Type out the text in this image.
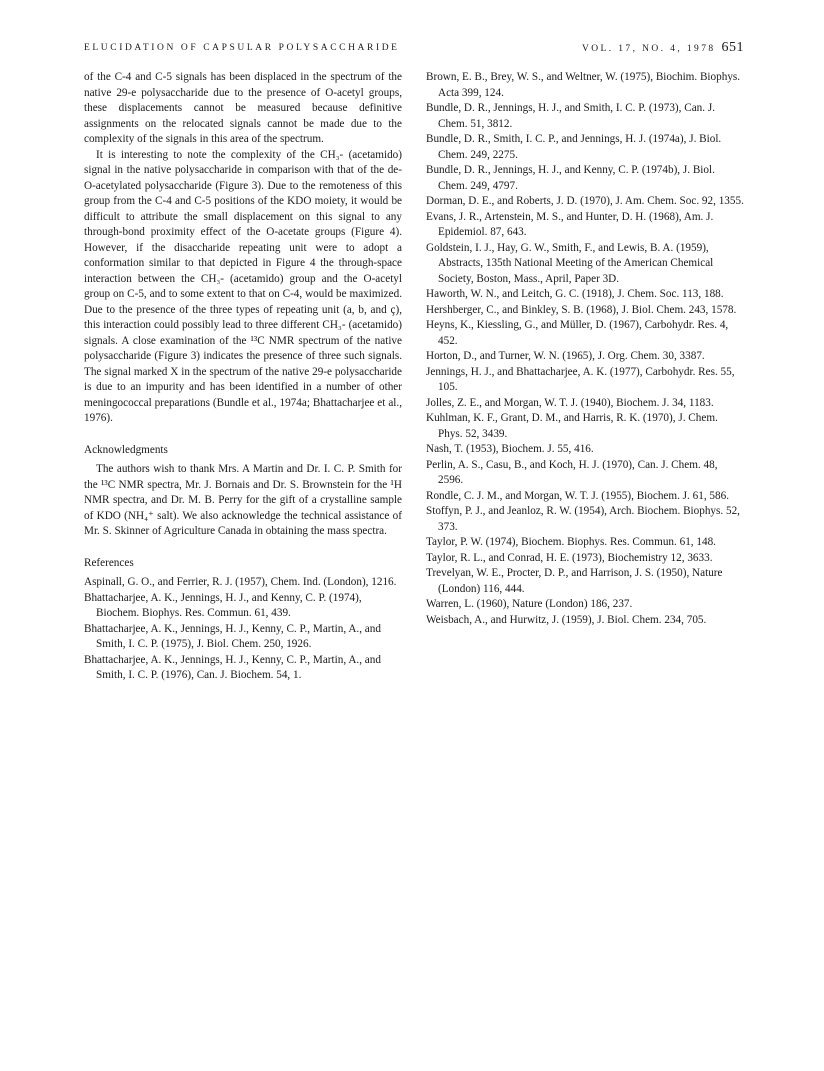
ELUCIDATION OF CAPSULAR POLYSACCHARIDE	VOL. 17, NO. 4, 1978 651

of the C-4 and C-5 signals has been displaced in the spectrum of the native 29-e polysaccharide due to the presence of O-acetyl groups, these displacements cannot be measured because definitive assignments on the relocated signals cannot be made due to the complexity of the signals in this area of the spectrum.

It is interesting to note the complexity of the CH₃- (acetamido) signal in the native polysaccharide in comparison with that of the de-O-acetylated polysaccharide (Figure 3). Due to the remoteness of this group from the C-4 and C-5 positions of the KDO moiety, it would be difficult to attribute the small displacement on this signal to any through-bond proximity effect of the O-acetate groups (Figure 4). However, if the disaccharide repeating unit were to adopt a conformation similar to that depicted in Figure 4 the through-space interaction between the CH₃- (acetamido) group and the O-acetyl group on C-5, and to some extent to that on C-4, would be maximized. Due to the presence of the three types of repeating unit (a, b, and ç), this interaction could possibly lead to three different CH₃- (acetamido) signals. A close examination of the ¹³C NMR spectrum of the native polysaccharide (Figure 3) indicates the presence of three such signals. The signal marked X in the spectrum of the native 29-e polysaccharide is due to an impurity and has been identified in a number of other meningococcal preparations (Bundle et al., 1974a; Bhattacharjee et al., 1976).

Acknowledgments

The authors wish to thank Mrs. A Martin and Dr. I. C. P. Smith for the ¹³C NMR spectra, Mr. J. Bornais and Dr. S. Brownstein for the ¹H NMR spectra, and Dr. M. B. Perry for the gift of a crystalline sample of KDO (NH₄⁺ salt). We also acknowledge the technical assistance of Mr. S. Skinner of Agriculture Canada in obtaining the mass spectra.

References

Aspinall, G. O., and Ferrier, R. J. (1957), Chem. Ind. (London), 1216.

Bhattacharjee, A. K., Jennings, H. J., and Kenny, C. P. (1974), Biochem. Biophys. Res. Commun. 61, 439.

Bhattacharjee, A. K., Jennings, H. J., Kenny, C. P., Martin, A., and Smith, I. C. P. (1975), J. Biol. Chem. 250, 1926.

Bhattacharjee, A. K., Jennings, H. J., Kenny, C. P., Martin, A., and Smith, I. C. P. (1976), Can. J. Biochem. 54, 1.

Brown, E. B., Brey, W. S., and Weltner, W. (1975), Biochim. Biophys. Acta 399, 124.

Bundle, D. R., Jennings, H. J., and Smith, I. C. P. (1973), Can. J. Chem. 51, 3812.

Bundle, D. R., Smith, I. C. P., and Jennings, H. J. (1974a), J. Biol. Chem. 249, 2275.

Bundle, D. R., Jennings, H. J., and Kenny, C. P. (1974b), J. Biol. Chem. 249, 4797.

Dorman, D. E., and Roberts, J. D. (1970), J. Am. Chem. Soc. 92, 1355.

Evans, J. R., Artenstein, M. S., and Hunter, D. H. (1968), Am. J. Epidemiol. 87, 643.

Goldstein, I. J., Hay, G. W., Smith, F., and Lewis, B. A. (1959), Abstracts, 135th National Meeting of the American Chemical Society, Boston, Mass., April, Paper 3D.

Haworth, W. N., and Leitch, G. C. (1918), J. Chem. Soc. 113, 188.

Hershberger, C., and Binkley, S. B. (1968), J. Biol. Chem. 243, 1578.

Heyns, K., Kiessling, G., and Müller, D. (1967), Carbohydr. Res. 4, 452.

Horton, D., and Turner, W. N. (1965), J. Org. Chem. 30, 3387.

Jennings, H. J., and Bhattacharjee, A. K. (1977), Carbohydr. Res. 55, 105.

Jolles, Z. E., and Morgan, W. T. J. (1940), Biochem. J. 34, 1183.

Kuhlman, K. F., Grant, D. M., and Harris, R. K. (1970), J. Chem. Phys. 52, 3439.

Nash, T. (1953), Biochem. J. 55, 416.

Perlin, A. S., Casu, B., and Koch, H. J. (1970), Can. J. Chem. 48, 2596.

Rondle, C. J. M., and Morgan, W. T. J. (1955), Biochem. J. 61, 586.

Stoffyn, P. J., and Jeanloz, R. W. (1954), Arch. Biochem. Biophys. 52, 373.

Taylor, P. W. (1974), Biochem. Biophys. Res. Commun. 61, 148.

Taylor, R. L., and Conrad, H. E. (1973), Biochemistry 12, 3633.

Trevelyan, W. E., Procter, D. P., and Harrison, J. S. (1950), Nature (London) 116, 444.

Warren, L. (1960), Nature (London) 186, 237.

Weisbach, A., and Hurwitz, J. (1959), J. Biol. Chem. 234, 705.
